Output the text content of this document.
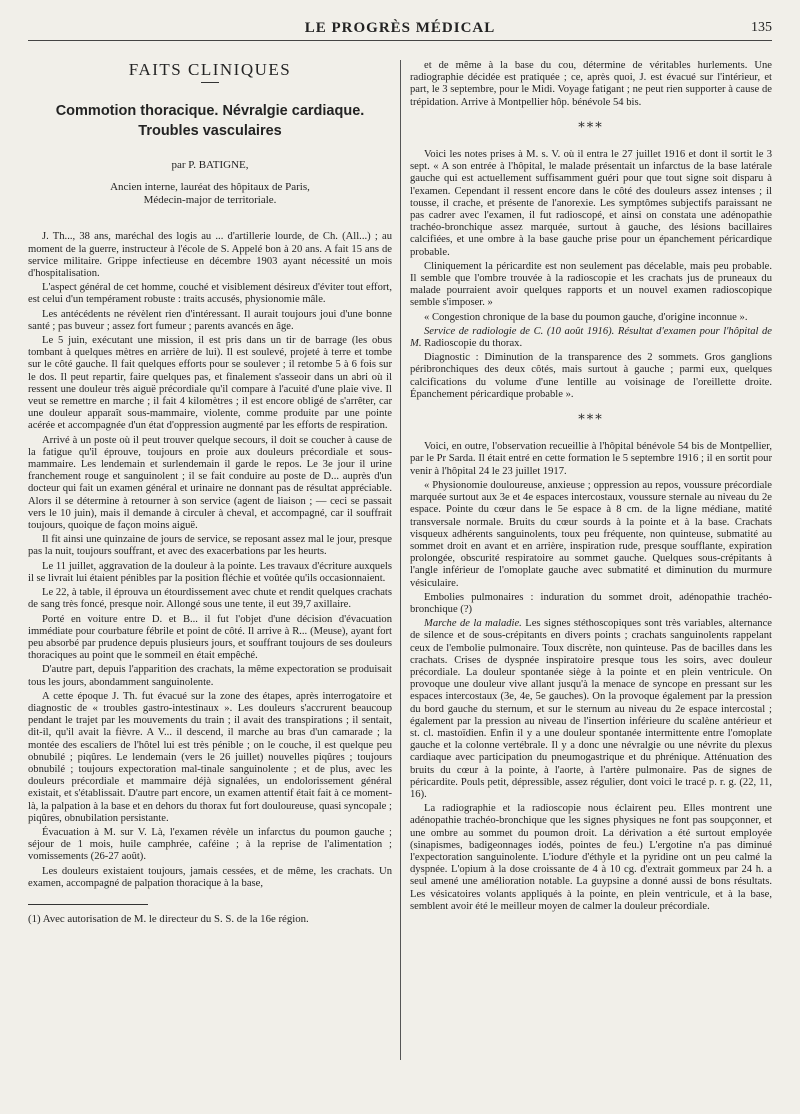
LE PROGRÈS MÉDICAL	135
FAITS CLINIQUES
Commotion thoracique. Névralgie cardiaque.
Troubles vasculaires
par P. BATIGNE,
Ancien interne, lauréat des hôpitaux de Paris,
Médecin-major de territoriale.

J. Th..., 38 ans, maréchal des logis au ... d'artillerie lourde, de Ch. (All...) ; au moment de la guerre, instructeur à l'école de S. Appelé bon à 20 ans. A fait 15 ans de service militaire. Grippe infectieuse en décembre 1903 ayant nécessité un mois d'hospitalisation.

L'aspect général de cet homme, couché et visiblement désireux d'éviter tout effort, est celui d'un tempérament robuste : traits accusés, physionomie mâle.

Les antécédents ne révèlent rien d'intéressant. Il aurait toujours joui d'une bonne santé ; pas buveur ; assez fort fumeur ; parents avancés en âge.

Le 5 juin, exécutant une mission, il est pris dans un tir de barrage (les obus tombant à quelques mètres en arrière de lui). Il est soulevé, projeté à terre et tombe sur le côté gauche. Il fait quelques efforts pour se soulever ; il retombe 5 à 6 fois sur le dos. Il peut repartir, faire quelques pas, et finalement s'asseoir dans un abri où il ressent une douleur très aiguë précordiale qu'il compare à l'acuité d'une plaie vive. Il veut se remettre en marche ; il fait 4 kilomètres ; il est encore obligé de s'arrêter, car une douleur apparaît sous-mammaire, violente, comme produite par une pointe acérée et accompagnée d'un état d'oppression augmenté par les efforts de respiration.

Arrivé à un poste où il peut trouver quelque secours, il doit se coucher à cause de la fatigue qu'il éprouve, toujours en proie aux douleurs précordiale et sous-mammaire. Les lendemain et surlendemain il garde le repos. Le 3e jour il urine franchement rouge et sanguinolent ; il se fait conduire au poste de D... auprès d'un docteur qui fait un examen général et urinaire ne donnant pas de résultat appréciable. Alors il se détermine à retourner à son service (agent de liaison ; — ceci se passait vers le 10 juin), mais il demande à circuler à cheval, et accompagné, car il souffrait toujours, quoique de façon moins aiguë.

Il fit ainsi une quinzaine de jours de service, se reposant assez mal le jour, presque pas la nuit, toujours souffrant, et avec des exacerbations par les heurts.

Le 11 juillet, aggravation de la douleur à la pointe. Les travaux d'écriture auxquels il se livrait lui étaient pénibles par la position fléchie et voûtée qu'ils occasionnaient.

Le 22, à table, il éprouva un étourdissement avec chute et rendit quelques crachats de sang très foncé, presque noir. Allongé sous une tente, il eut 39,7 axillaire.

Porté en voiture entre D. et B... il fut l'objet d'une décision d'évacuation immédiate pour courbature fébrile et point de côté. Il arrive à R... (Meuse), ayant fort peu absorbé par prudence depuis plusieurs jours, et souffrant toujours de ses douleurs thoraciques au point que le sommeil en était empêché.

D'autre part, depuis l'apparition des crachats, la même expectoration se produisait tous les jours, abondamment sanguinolente.

A cette époque J. Th. fut évacué sur la zone des étapes, après interrogatoire et diagnostic de « troubles gastro-intestinaux ». Les douleurs s'accrurent beaucoup pendant le trajet par les mouvements du train ; il avait des transpirations ; il sentait, dit-il, qu'il avait la fièvre. A V... il descend, il marche au bras d'un camarade ; la montée des escaliers de l'hôtel lui est très pénible ; on le couche, il est quelque peu obnubilé ; piqûres. Le lendemain (vers le 26 juillet) nouvelles piqûres ; toujours obnubilé ; toujours expectoration mal-tinale sanguinolente ; et de plus, avec les douleurs précordiale et mammaire déjà signalées, un endolorissement général existait, et s'établissait. D'autre part encore, un examen attentif était fait à ce moment-là, la palpation à la base et en dehors du thorax fut fort douloureuse, quasi syncopale ; piqûres, obnubilation persistante.

Évacuation à M. sur V. Là, l'examen révèle un infarctus du poumon gauche ; séjour de 1 mois, huile camphrée, caféine ; à la reprise de l'alimentation ; vomissements (26-27 août).

Les douleurs existaient toujours, jamais cessées, et de même, les crachats. Un examen, accompagné de palpation thoracique à la base,

(1) Avec autorisation de M. le directeur du S. S. de la 16e région.

et de même à la base du cou, détermine de véritables hurlements. Une radiographie décidée est pratiquée ; ce, après quoi, J. est évacué sur l'intérieur, et part, le 3 septembre, pour le Midi. Voyage fatigant ; ne peut rien supporter à cause de trépidation. Arrive à Montpellier hôp. bénévole 54 bis.

⁎⁎⁎

Voici les notes prises à M. s. V. où il entra le 27 juillet 1916 et dont il sortit le 3 sept. « A son entrée à l'hôpital, le malade présentait un infarctus de la base latérale gauche qui est actuellement suffisamment guéri pour que tout signe soit disparu à l'examen. Cependant il ressent encore dans le côté des douleurs assez intenses ; il tousse, il crache, et présente de l'anorexie. Les symptômes subjectifs paraissant ne pas cadrer avec l'examen, il fut radioscopé, et ainsi on constata une adénopathie trachéo-bronchique assez marquée, surtout à gauche, des lésions bacillaires calcifiées, et une ombre à la base gauche prise pour un épanchement péricardique probable.

Cliniquement la péricardite est non seulement pas décelable, mais peu probable. Il semble que l'ombre trouvée à la radioscopie et les crachats jus de pruneaux du malade pourraient avoir quelques rapports et un nouvel examen radioscopique semble s'imposer. »

« Congestion chronique de la base du poumon gauche, d'origine inconnue ».

Service de radiologie de C. (10 août 1916). Résultat d'examen pour l'hôpital de M. Radioscopie du thorax.

Diagnostic : Diminution de la transparence des 2 sommets. Gros ganglions péribronchiques des deux côtés, mais surtout à gauche ; parmi eux, quelques calcifications du volume d'une lentille au voisinage de l'oreillette droite. Épanchement péricardique probable ».

⁎⁎⁎

Voici, en outre, l'observation recueillie à l'hôpital bénévole 54 bis de Montpellier, par le Pr Sarda. Il était entré en cette formation le 5 septembre 1916 ; il en sortit pour venir à l'hôpital 24 le 23 juillet 1917.

« Physionomie douloureuse, anxieuse ; oppression au repos, voussure précordiale marquée surtout aux 3e et 4e espaces intercostaux, voussure sternale au niveau du 2e espace. Pointe du cœur dans le 5e espace à 8 cm. de la ligne médiane, matité transversale normale. Bruits du cœur sourds à la pointe et à la base. Crachats visqueux adhérents sanguinolents, toux peu fréquente, non quinteuse, submatité au sommet droit en avant et en arrière, inspiration rude, presque soufflante, expiration prolongée, obscurité respiratoire au sommet gauche. Quelques sous-crépitants à l'angle inférieur de l'omoplate gauche avec submatité et diminution du murmure vésiculaire.

Embolies pulmonaires : induration du sommet droit, adénopathie trachéo-bronchique (?)

Marche de la maladie. Les signes stéthoscopiques sont très variables, alternance de silence et de sous-crépitants en divers points ; crachats sanguinolents rappelant ceux de l'embolie pulmonaire. Toux discrète, non quinteuse. Pas de bacilles dans les crachats. Crises de dyspnée inspiratoire presque tous les soirs, avec douleur précordiale. La douleur spontanée siège à la pointe et en plein ventricule. On provoque une douleur vive allant jusqu'à la menace de syncope en pressant sur les espaces intercostaux (3e, 4e, 5e gauches). On la provoque également par la pression du bord gauche du sternum, et sur le sternum au niveau du 2e espace intercostal ; également par la pression au niveau de l'insertion inférieure du scalène antérieur et st. cl. mastoïdien. Enfin il y a une douleur spontanée intermittente entre l'omoplate gauche et la colonne vertébrale. Il y a donc une névralgie ou une névrite du plexus cardiaque avec participation du pneumogastrique et du phrénique. Atténuation des bruits du cœur à la pointe, à l'aorte, à l'artère pulmonaire. Pas de signes de péricardite. Pouls petit, dépressible, assez régulier, dont voici le tracé p. r. g. (22, 11, 16).

La radiographie et la radioscopie nous éclairent peu. Elles montrent une adénopathie trachéo-bronchique que les signes physiques ne font pas soupçonner, et une ombre au sommet du poumon droit. La dérivation a été surtout employée (sinapismes, badigeonnages iodés, pointes de feu.) L'ergotine n'a pas diminué l'expectoration sanguinolente. L'iodure d'éthyle et la pyridine ont un peu calmé la dyspnée. L'opium à la dose croissante de 4 à 10 cg. d'extrait gommeux par 24 h. a seul amené une amélioration notable. La guypsine a donné aussi de bons résultats. Les vésicatoires volants appliqués à la pointe, en plein ventricule, et à la base, semblent avoir été le meilleur moyen de calmer la douleur précordiale.
